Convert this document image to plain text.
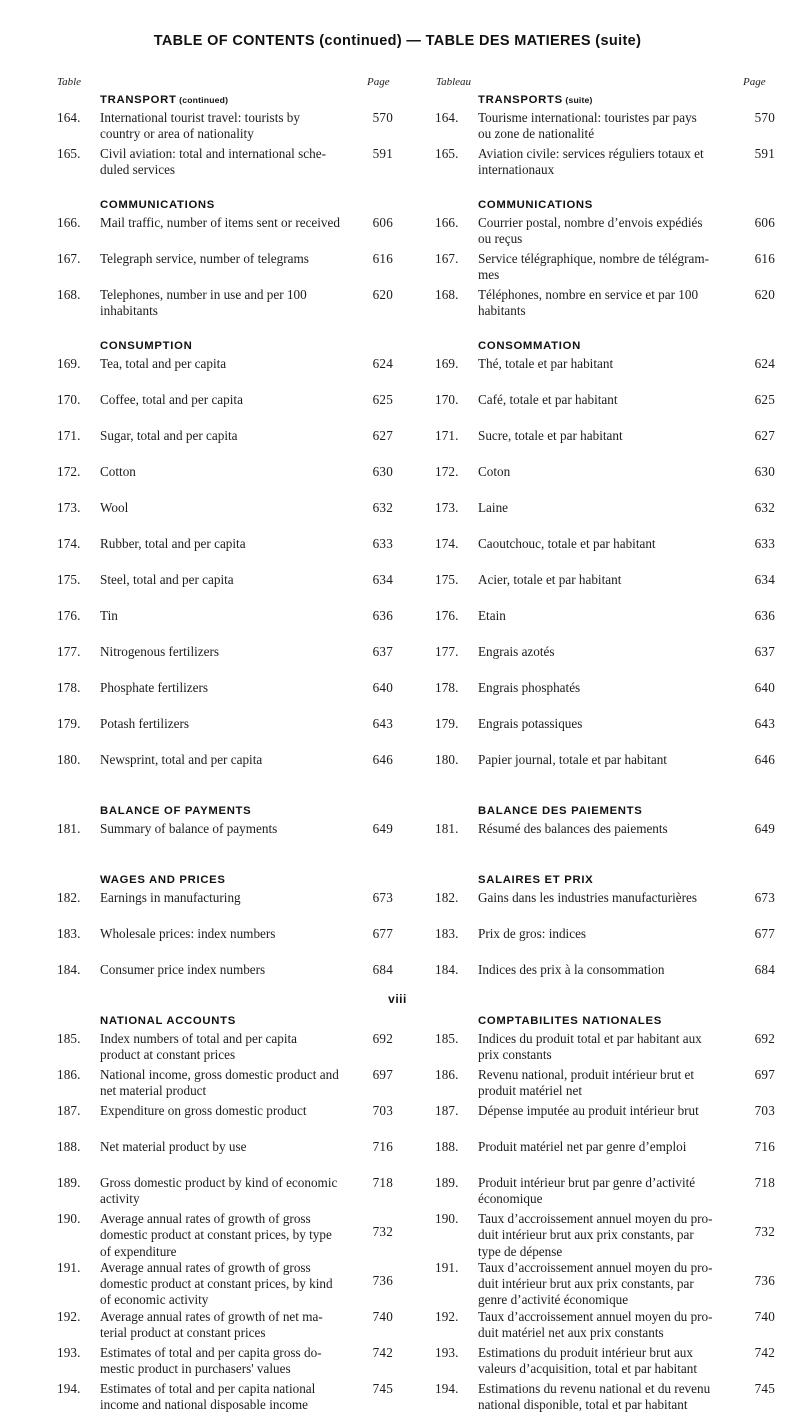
TABLE OF CONTENTS (continued) — TABLE DES MATIERES (suite)
Table	Page	Tableau	Page
TRANSPORT (continued)
164.	International tourist travel: tourists by
country or area of nationality
570
165.	Civil aviation: total and international sche-
duled services
591
COMMUNICATIONS
166.	Mail traffic, number of items sent or received	606
167.	Telegraph service, number of telegrams	616
168.	Telephones, number in use and per 100
inhabitants
620
CONSUMPTION
169.	Tea, total and per capita	624
170.	Coffee, total and per capita	625
171.	Sugar, total and per capita	627
172.	Cotton	630
173.	Wool	632
174.	Rubber, total and per capita	633
175.	Steel, total and per capita	634
176.	Tin	636
177.	Nitrogenous fertilizers	637
178.	Phosphate fertilizers	640
179.	Potash fertilizers	643
180.	Newsprint, total and per capita	646
BALANCE OF PAYMENTS
181.	Summary of balance of payments	649
WAGES AND PRICES
182.	Earnings in manufacturing	673
183.	Wholesale prices: index numbers	677
184.	Consumer price index numbers	684
NATIONAL ACCOUNTS
185.	Index numbers of total and per capita
product at constant prices
692
186.	National income, gross domestic product and
net material product
697
187.	Expenditure on gross domestic product	703
188.	Net material product by use	716
189.	Gross domestic product by kind of economic
activity
718
190.	Average annual rates of growth of gross
domestic product at constant prices, by type
of expenditure
732
191.	Average annual rates of growth of gross
domestic product at constant prices, by kind
of economic activity
736
192.	Average annual rates of growth of net ma-
terial product at constant prices
740
193.	Estimates of total and per capita gross do-
mestic product in purchasers' values
742
194.	Estimates of total and per capita national
income and national disposable income
745
TRANSPORTS (suite)
164.	Tourisme international: touristes par pays
ou zone de nationalité
570
165.	Aviation civile: services réguliers totaux et
internationaux
591
COMMUNICATIONS
166.	Courrier postal, nombre d’envois expédiés
ou reçus
606
167.	Service télégraphique, nombre de télégram-
mes
616
168.	Téléphones, nombre en service et par 100
habitants
620
CONSOMMATION
169.	Thé, totale et par habitant	624
170.	Café, totale et par habitant	625
171.	Sucre, totale et par habitant	627
172.	Coton	630
173.	Laine	632
174.	Caoutchouc, totale et par habitant	633
175.	Acier, totale et par habitant	634
176.	Etain	636
177.	Engrais azotés	637
178.	Engrais phosphatés	640
179.	Engrais potassiques	643
180.	Papier journal, totale et par habitant	646
BALANCE DES PAIEMENTS
181.	Résumé des balances des paiements	649
SALAIRES ET PRIX
182.	Gains dans les industries manufacturières	673
183.	Prix de gros: indices	677
184.	Indices des prix à la consommation	684
COMPTABILITES NATIONALES
185.	Indices du produit total et par habitant aux
prix constants
692
186.	Revenu national, produit intérieur brut et
produit matériel net
697
187.	Dépense imputée au produit intérieur brut	703
188.	Produit matériel net par genre d’emploi	716
189.	Produit intérieur brut par genre d’activité
économique
718
190.	Taux d’accroissement annuel moyen du pro-
duit intérieur brut aux prix constants, par
type de dépense
732
191.	Taux d’accroissement annuel moyen du pro-
duit intérieur brut aux prix constants, par
genre d’activité économique
736
192.	Taux d’accroissement annuel moyen du pro-
duit matériel net aux prix constants
740
193.	Estimations du produit intérieur brut aux
valeurs d’acquisition, total et par habitant
742
194.	Estimations du revenu national et du revenu
national disponible, total et par habitant
745
viii
